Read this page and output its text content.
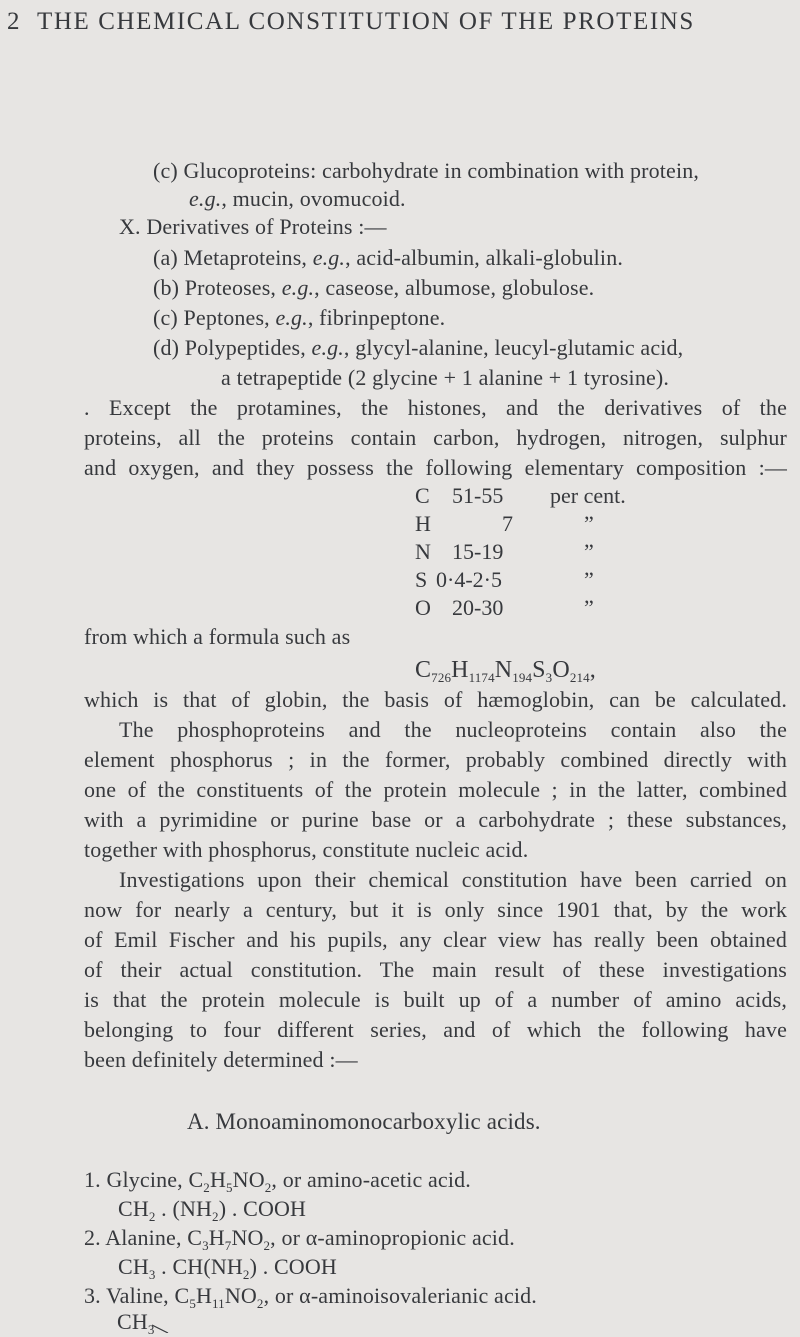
2 THE CHEMICAL CONSTITUTION OF THE PROTEINS
(c) Glucoproteins: carbohydrate in combination with protein,
e.g., mucin, ovomucoid.
X. Derivatives of Proteins :—
(a) Metaproteins, e.g., acid-albumin, alkali-globulin.
(b) Proteoses, e.g., caseose, albumose, globulose.
(c) Peptones, e.g., fibrinpeptone.
(d) Polypeptides, e.g., glycyl-alanine, leucyl-glutamic acid,
a tetrapeptide (2 glycine + 1 alanine + 1 tyrosine).
. Except the protamines, the histones, and the derivatives of the
proteins, all the proteins contain carbon, hydrogen, nitrogen, sulphur
and oxygen, and they possess the following elementary composition :—
C 51-55 per cent.
H	7	”
N 15-19	”
S 0·4-2·5	”
O 20-30	”
from which a formula such as
$C_{726}H_{1174}N_{194}S_3O_{214}$,
which is that of globin, the basis of hæmoglobin, can be calculated.
The phosphoproteins and the nucleoproteins contain also the
element phosphorus ; in the former, probably combined directly with
one of the constituents of the protein molecule ; in the latter, combined
with a pyrimidine or purine base or a carbohydrate ; these substances,
together with phosphorus, constitute nucleic acid.
Investigations upon their chemical constitution have been carried on
now for nearly a century, but it is only since 1901 that, by the work
of Emil Fischer and his pupils, any clear view has really been obtained
of their actual constitution. The main result of these investigations
is that the protein molecule is built up of a number of amino acids,
belonging to four different series, and of which the following have
been definitely determined :—
A. Monoaminomonocarboxylic acids.
1. Glycine, $C_2H_5NO_2$, or amino-acetic acid.
$CH_2$ . $(NH_2)$ . COOH
2. Alanine, $C_3H_7NO_2$, or α-aminopropionic acid.
$CH_3$ . $CH(NH_2)$ . COOH
3. Valine, $C_5H_{11}NO_2$, or α-aminoisovalerianic acid.
$CH_3$
